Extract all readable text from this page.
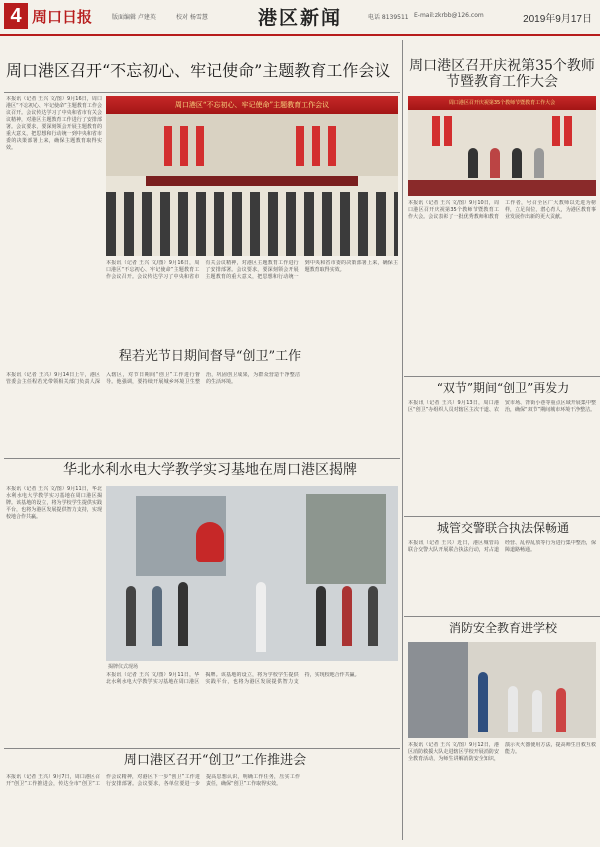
4 周口日报	版面编辑 卢建英	校对 杨雪慧	港区新闻	电话 8139511 E-mail:zkrbb@126.com	2019年9月17日
周口港区召开“不忘初心、牢记使命”主题教育工作会议
本报讯（记者 王兴 文/图）9月16日，周口港区“不忘初心、牢记使命”主题教育工作会议召开。会议传达学习了中央和省市有关会议精神，对港区主题教育工作进行了安排部署。会议要求，要深刻领会开展主题教育的重大意义，把思想和行动统一到中央和省市委的决策部署上来，确保主题教育取得实效。
周口港区“不忘初心、牢记使命”主题教育工作会议
本报讯（记者 王兴 文/图）9月16日，周口港区“不忘初心、牢记使命”主题教育工作会议召开。会议传达学习了中央和省市有关会议精神，对港区主题教育工作进行了安排部署。会议要求，要深刻领会开展主题教育的重大意义，把思想和行动统一到中央和省市委的决策部署上来，确保主题教育取得实效。
周口港区召开庆祝第35个教师节暨教育工作大会
周口港区召开庆祝第35个教师节暨教育工作大会
本报讯（记者 王兴 文/图）9月10日，周口港区召开庆祝第35个教师节暨教育工作大会。会议表彰了一批优秀教师和教育工作者，号召全区广大教师以先进为榜样，立足岗位，潜心育人，为港区教育事业发展作出新的更大贡献。
程若光节日期间督导“创卫”工作
本报讯（记者 王兴）9月14日上午，港区管委会主任程若光带领相关部门负责人深入辖区，对节日期间“创卫”工作进行督导。他强调，要持续开展城乡环境卫生整治，巩固创卫成果，为群众营造干净整洁的生活环境。
华北水利水电大学教学实习基地在周口港区揭牌
本报讯（记者 王兴 文/图）9月11日，华北水利水电大学教学实习基地在周口港区揭牌。该基地的设立，将为学校学生提供实践平台，也将为港区发展提供智力支持，实现校地合作共赢。
揭牌仪式现场
本报讯（记者 王兴 文/图）9月11日，华北水利水电大学教学实习基地在周口港区揭牌。该基地的设立，将为学校学生提供实践平台，也将为港区发展提供智力支持，实现校地合作共赢。
“双节”期间“创卫”再发力
本报讯（记者 王兴）9月13日，周口港区“创卫”办组织人员对辖区主次干道、农贸市场、背街小巷等重点区域开展集中整治，确保“双节”期间城市环境干净整洁。
城管交警联合执法保畅通
本报讯（记者 王兴）近日，港区城管局联合交警大队开展联合执法行动，对占道经营、乱停乱放等行为进行集中整治，保障道路畅通。
消防安全教育进学校
本报讯（记者 王兴 文/图）9月12日，港区消防救援大队走进辖区学校开展消防安全教育活动，为师生讲解消防安全知识，演示灭火器使用方法，提高师生自救互救能力。
周口港区召开“创卫”工作推进会
本报讯（记者 王兴）9月7日，周口港区召开“创卫”工作推进会，传达全市“创卫”工作会议精神，对港区下一步“创卫”工作进行安排部署。会议要求，各单位要进一步提高思想认识，明确工作任务，压实工作责任，确保“创卫”工作取得实效。
